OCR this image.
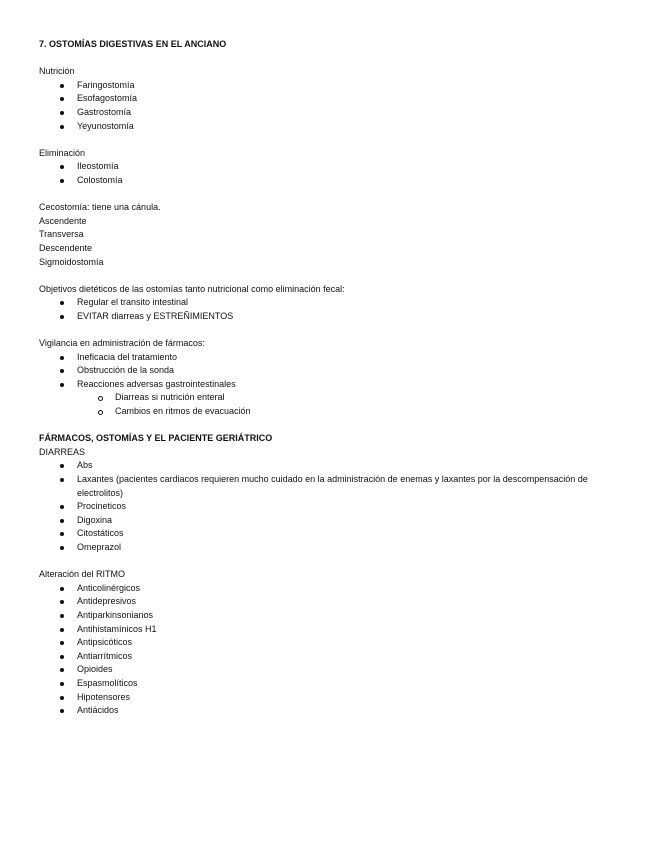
7. OSTOMÍAS DIGESTIVAS EN EL ANCIANO
Nutrición
Faringostomía
Esofagostomía
Gastrostomía
Yeyunostomía
Eliminación
Ileostomía
Colostomía
Cecostomía: tiene una cánula.
Ascendente
Transversa
Descendente
Sigmoidostomía
Objetivos dietéticos de las ostomías tanto nutricional como eliminación fecal:
Regular el transito intestinal
EVITAR diarreas y ESTREÑIMIENTOS
Vigilancia en administración de fármacos:
Ineficacia del tratamiento
Obstrucción de la sonda
Reacciones adversas gastrointestinales
Diarreas si nutrición enteral
Cambios en ritmos de evacuación
FÁRMACOS, OSTOMÍAS Y EL PACIENTE GERIÁTRICO
DIARREAS
Abs
Laxantes (pacientes cardiacos requieren mucho cuidado en la administración de enemas y laxantes por la descompensación de electrolitos)
Procineticos
Digoxina
Citostáticos
Omeprazol
Alteración del RITMO
Anticolinérgicos
Antidepresivos
Antiparkinsonianos
Antihistamínicos H1
Antipsicóticos
Antiarrítmicos
Opioides
Espasmolíticos
Hipotensores
Antiácidos
